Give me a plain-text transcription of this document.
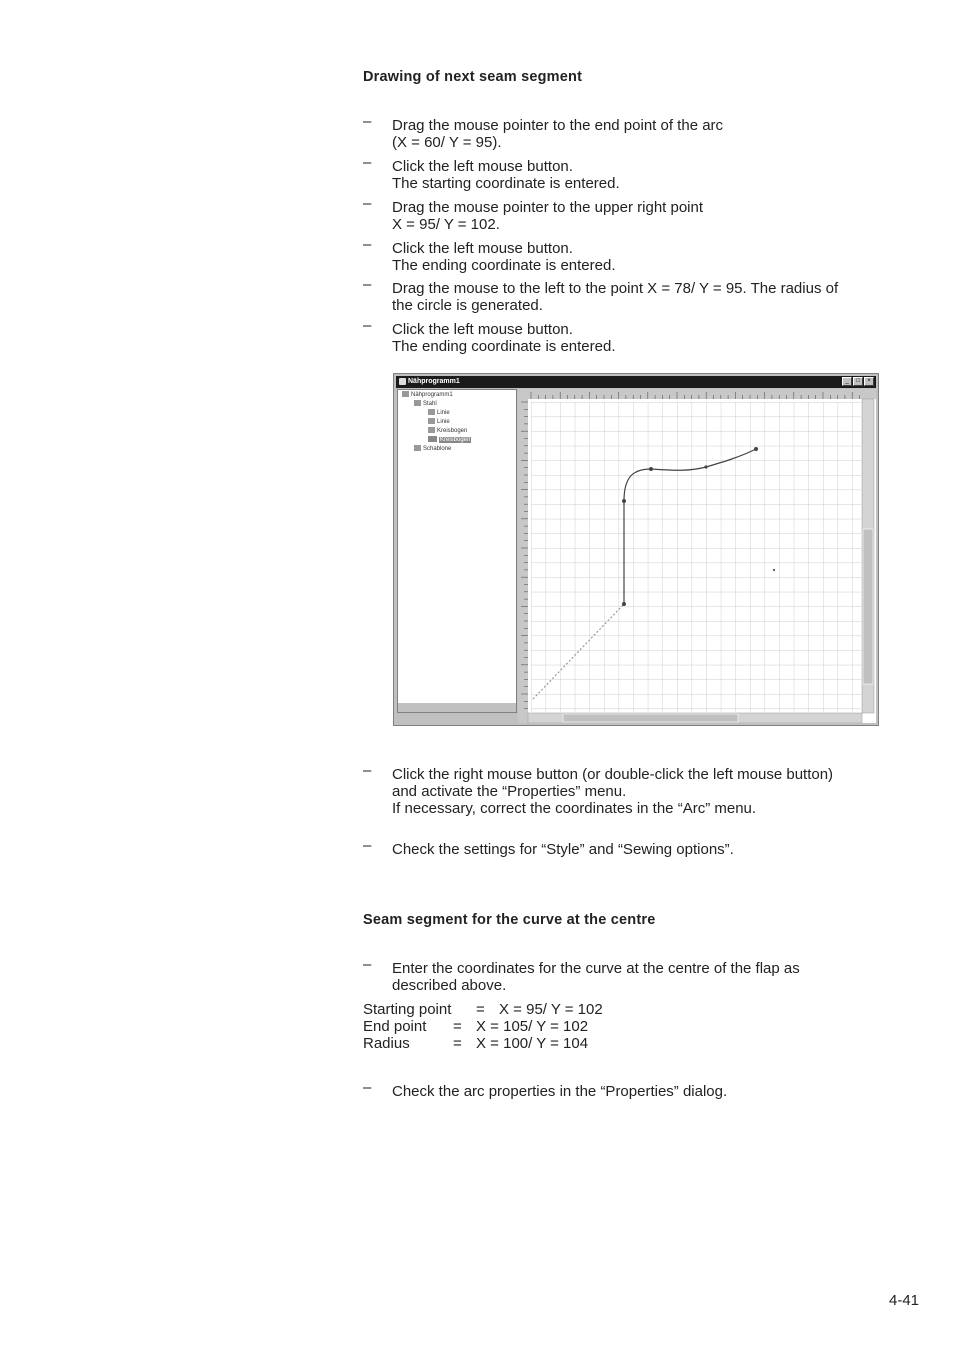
Drawing of next seam segment
– Drag the mouse pointer to the end point of the arc
(X = 60/ Y = 95).
– Click the left mouse button.
The starting coordinate is entered.
– Drag the mouse pointer to the upper right point
X = 95/ Y = 102.
– Click the left mouse button.
The ending coordinate is entered.
– Drag the mouse to the left to the point X = 78/ Y = 95. The radius of
the circle is generated.
– Click the left mouse button.
The ending coordinate is entered.
Nähprogramm1	_	□	×
Nähprogramm1
Stahl
Linie
Linie
Kreisbogen
Kreisbogen
Schablone
– Click the right mouse button (or double-click the left mouse button)
and activate the “Properties” menu.
If necessary, correct the coordinates in the “Arc” menu.
– Check the settings for “Style” and “Sewing options”.
Seam segment for the curve at the centre
– Enter the coordinates for the curve at the centre of the flap as
described above.
Starting point = X = 95/ Y = 102
End point	= X = 105/ Y = 102
Radius	= X = 100/ Y = 104
– Check the arc properties in the “Properties” dialog.
4-41
